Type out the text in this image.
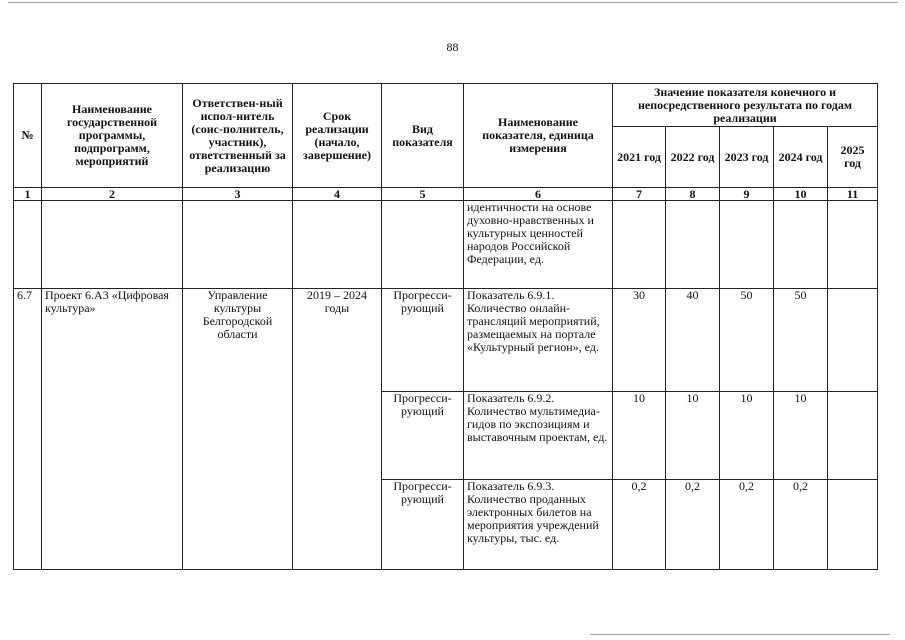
88
№	Наименование государственной программы, подпрограмм, мероприятий	Ответствен-ный испол-нитель (соис-полнитель, участник), ответственный за реализацию	Срок реализации (начало, завершение)	Вид показателя	Наименование показателя, единица измерения	Значение показателя конечного и непосредственного результата по годам реализации				
						2021 год	2022 год	2023 год	2024 год	2025 год
1	2	3	4	5	6	7	8	9	10	11
					идентичности на основе духовно-нравственных и культурных ценностей народов Российской Федерации, ед.					
6.7	Проект 6.А3 «Цифровая культура»	Управление культуры Белгородской области	2019 – 2024 годы	Прогресси-рующий	Показатель 6.9.1. Количество онлайн-трансляций мероприятий, размещаемых на портале «Культурный регион», ед.	30	40	50	50	
				Прогресси-рующий	Показатель 6.9.2. Количество мультимедиа-гидов по экспозициям и выставочным проектам, ед.	10	10	10	10	
				Прогресси-рующий	Показатель 6.9.3. Количество проданных электронных билетов на мероприятия учреждений культуры, тыс. ед.	0,2	0,2	0,2	0,2	
